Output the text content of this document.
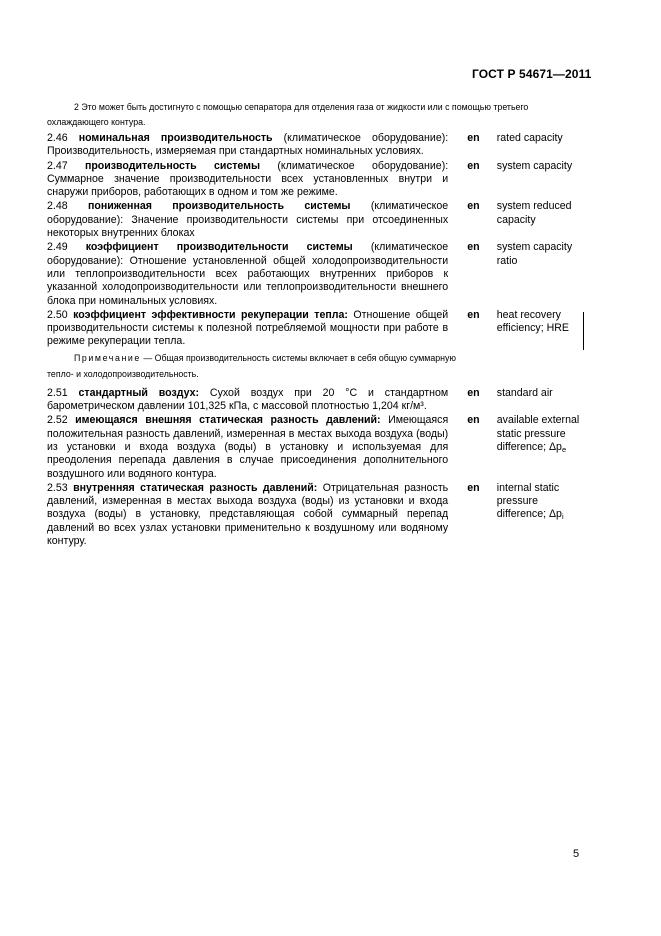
ГОСТ Р 54671—2011
2 Это может быть достигнуто с помощью сепаратора для отделения газа от жидкости или с помощью третьего охлаждающего контура.
2.46 номинальная производительность (климатическое оборудование): Производительность, измеряемая при стандартных номинальных условиях.
en	rated capacity
2.47 производительность системы (климатическое оборудование): Суммарное значение производительности всех установленных внутри и снаружи приборов, работающих в одном и том же режиме.
en	system capacity
2.48 пониженная производительность системы (климатическое оборудование): Значение производительности системы при отсоединенных некоторых внутренних блоках
en	system reduced capacity
2.49 коэффициент производительности системы (климатическое оборудование): Отношение установленной общей холодопроизводительности или теплопроизводительности всех работающих внутренних приборов к указанной холодопроизводительности или теплопроизводительности внешнего блока при номинальных условиях.
en	system capacity ratio
2.50 коэффициент эффективности рекуперации тепла: Отношение общей производительности системы к полезной потребляемой мощности при работе в режиме рекуперации тепла.
en	heat recovery efficiency; HRE
Примечание — Общая производительность системы включает в себя общую суммарную тепло- и холодопроизводительность.
2.51 стандартный воздух: Сухой воздух при 20 °С и стандартном барометрическом давлении 101,325 кПа, с массовой плотностью 1,204 кг/м³.
en	standard air
2.52 имеющаяся внешняя статическая разность давлений: Имеющаяся положительная разность давлений, измеренная в местах выхода воздуха (воды) из установки и входа воздуха (воды) в установку и используемая для преодоления перепада давления в случае присоединения дополнительного воздушного или водяного контура.
en	available external static pressure difference; $\Delta p_e$
2.53 внутренняя статическая разность давлений: Отрицательная разность давлений, измеренная в местах выхода воздуха (воды) из установки и входа воздуха (воды) в установку, представляющая собой суммарный перепад давлений во всех узлах установки применительно к воздушному или водяному контуру.
en	internal static pressure difference; $\Delta p_i$
5
